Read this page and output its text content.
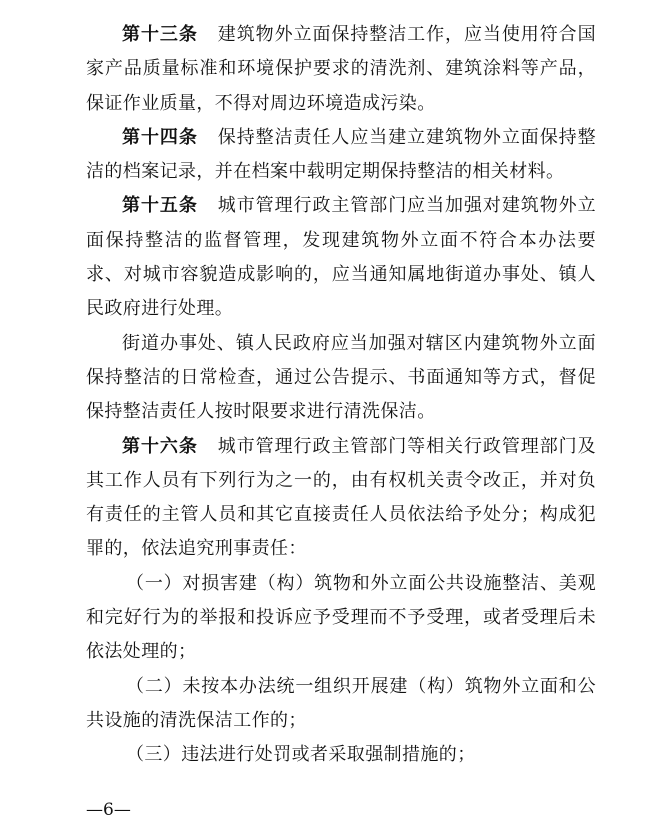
第十三条 建筑物外立面保持整洁工作，应当使用符合国家产品质量标准和环境保护要求的清洗剂、建筑涂料等产品，保证作业质量，不得对周边环境造成污染。

第十四条 保持整洁责任人应当建立建筑物外立面保持整洁的档案记录，并在档案中载明定期保持整洁的相关材料。

第十五条 城市管理行政主管部门应当加强对建筑物外立面保持整洁的监督管理，发现建筑物外立面不符合本办法要求、对城市容貌造成影响的，应当通知属地街道办事处、镇人民政府进行处理。

街道办事处、镇人民政府应当加强对辖区内建筑物外立面保持整洁的日常检查，通过公告提示、书面通知等方式，督促保持整洁责任人按时限要求进行清洗保洁。

第十六条 城市管理行政主管部门等相关行政管理部门及其工作人员有下列行为之一的，由有权机关责令改正，并对负有责任的主管人员和其它直接责任人员依法给予处分；构成犯罪的，依法追究刑事责任：

（一）对损害建（构）筑物和外立面公共设施整洁、美观和完好行为的举报和投诉应予受理而不予受理，或者受理后未依法处理的；

（二）未按本办法统一组织开展建（构）筑物外立面和公共设施的清洗保洁工作的；

（三）违法进行处罚或者采取强制措施的；

—6—
